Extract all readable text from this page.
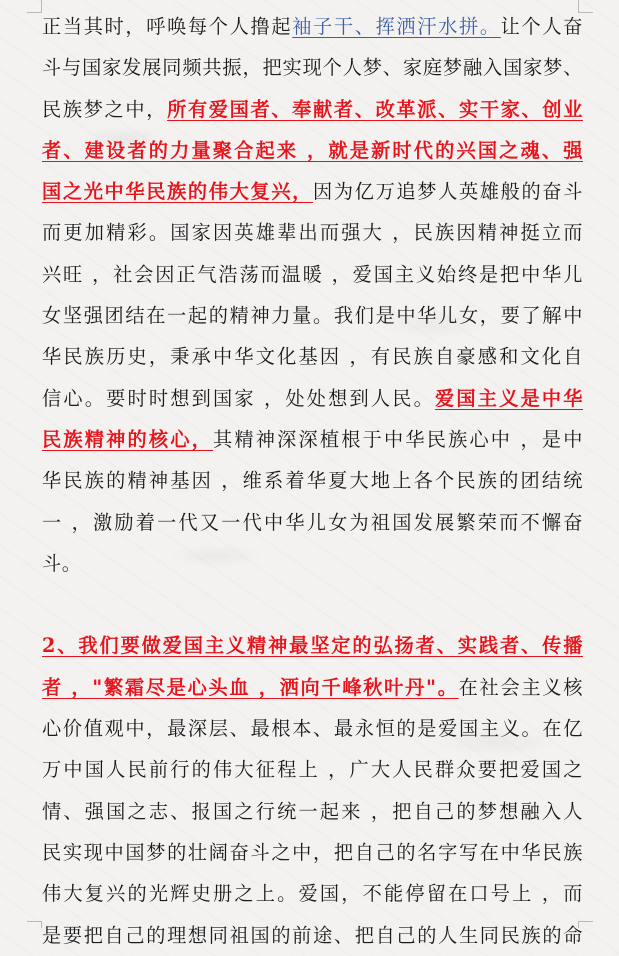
正当其时，呼唤每个人撸起袖子干、挥洒汗水拼。让个人奋
斗与国家发展同频共振，把实现个人梦、家庭梦融入国家梦、
民族梦之中，所有爱国者、奉献者、改革派、实干家、创业
者、建设者的力量聚合起来 ，就是新时代的兴国之魂、强
国之光中华民族的伟大复兴，因为亿万追梦人英雄般的奋斗
而更加精彩。国家因英雄辈出而强大 ，民族因精神挺立而
兴旺 ，社会因正气浩荡而温暖 ，爱国主义始终是把中华儿
女坚强团结在一起的精神力量。我们是中华儿女，要了解中
华民族历史，秉承中华文化基因 ，有民族自豪感和文化自
信心。要时时想到国家 ，处处想到人民。爱国主义是中华
民族精神的核心，其精神深深植根于中华民族心中 ，是中
华民族的精神基因 ，维系着华夏大地上各个民族的团结统
一 ，激励着一代又一代中华儿女为祖国发展繁荣而不懈奋
斗。
2、我们要做爱国主义精神最坚定的弘扬者、实践者、传播
者 ，"繁霜尽是心头血 ，洒向千峰秋叶丹"。在社会主义核
心价值观中，最深层、最根本、最永恒的是爱国主义。在亿
万中国人民前行的伟大征程上 ，广大人民群众要把爱国之
情、强国之志、报国之行统一起来 ，把自己的梦想融入人
民实现中国梦的壮阔奋斗之中，把自己的名字写在中华民族
伟大复兴的光辉史册之上。爱国，不能停留在口号上 ，而
是要把自己的理想同祖国的前途、把自己的人生同民族的命
